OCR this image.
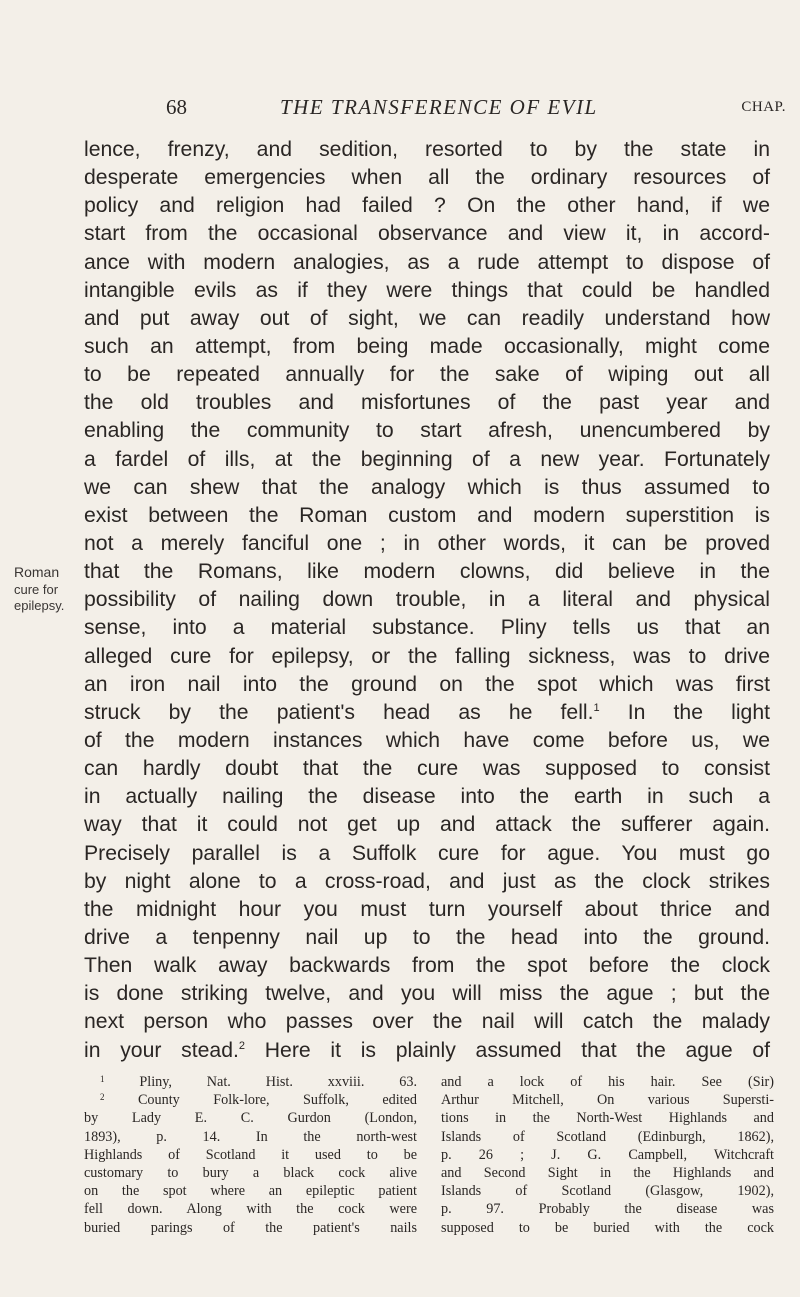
68	THE TRANSFERENCE OF EVIL	CHAP.
Roman
cure for
epilepsy.
lence, frenzy, and sedition, resorted to by the state in
desperate emergencies when all the ordinary resources of
policy and religion had failed ? On the other hand, if we
start from the occasional observance and view it, in accord-
ance with modern analogies, as a rude attempt to dispose of
intangible evils as if they were things that could be handled
and put away out of sight, we can readily understand how
such an attempt, from being made occasionally, might come
to be repeated annually for the sake of wiping out all
the old troubles and misfortunes of the past year and
enabling the community to start afresh, unencumbered by
a fardel of ills, at the beginning of a new year. Fortunately
we can shew that the analogy which is thus assumed to
exist between the Roman custom and modern superstition is
not a merely fanciful one ; in other words, it can be proved
that the Romans, like modern clowns, did believe in the
possibility of nailing down trouble, in a literal and physical
sense, into a material substance. Pliny tells us that an
alleged cure for epilepsy, or the falling sickness, was to drive
an iron nail into the ground on the spot which was first
struck by the patient's head as he fell.$^1$ In the light
of the modern instances which have come before us, we
can hardly doubt that the cure was supposed to consist
in actually nailing the disease into the earth in such a
way that it could not get up and attack the sufferer again.
Precisely parallel is a Suffolk cure for ague. You must go
by night alone to a cross-road, and just as the clock strikes
the midnight hour you must turn yourself about thrice and
drive a tenpenny nail up to the head into the ground.
Then walk away backwards from the spot before the clock
is done striking twelve, and you will miss the ague ; but the
next person who passes over the nail will catch the malady
in your stead.$^2$ Here it is plainly assumed that the ague of
$^1$ Pliny, Nat. Hist. xxviii. 63.
$^2$ County Folk-lore, Suffolk, edited
by Lady E. C. Gurdon (London,
1893), p. 14. In the north-west
Highlands of Scotland it used to be
customary to bury a black cock alive
on the spot where an epileptic patient
fell down. Along with the cock were
buried parings of the patient's nails
and a lock of his hair. See (Sir)
Arthur Mitchell, On various Supersti-
tions in the North-West Highlands and
Islands of Scotland (Edinburgh, 1862),
p. 26 ; J. G. Campbell, Witchcraft
and Second Sight in the Highlands and
Islands of Scotland (Glasgow, 1902),
p. 97. Probably the disease was
supposed to be buried with the cock
